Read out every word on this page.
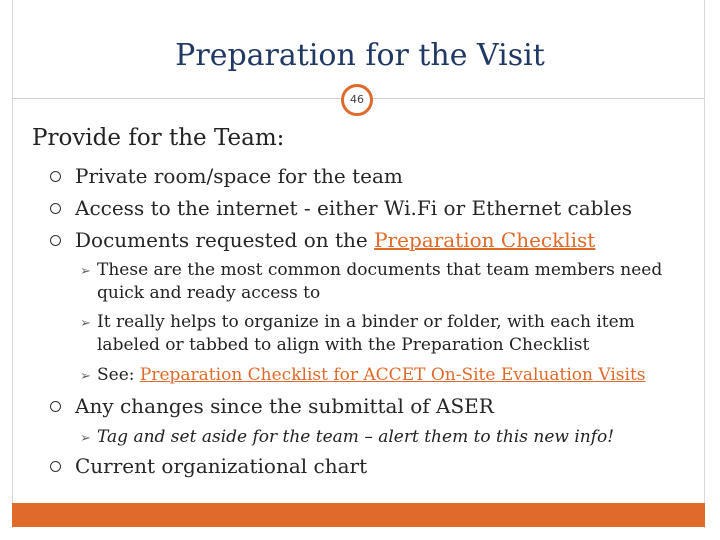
Preparation for the Visit
46
Provide for the Team:
Private room/space for the team
Access to the internet - either Wi.Fi or Ethernet cables
Documents requested on the Preparation Checklist
➢ These are the most common documents that team members need quick and ready access to
➢ It really helps to organize in a binder or folder, with each item labeled or tabbed to align with the Preparation Checklist
➢ See: Preparation Checklist for ACCET On-Site Evaluation Visits
Any changes since the submittal of ASER
➢ Tag and set aside for the team – alert them to this new info!
Current organizational chart
